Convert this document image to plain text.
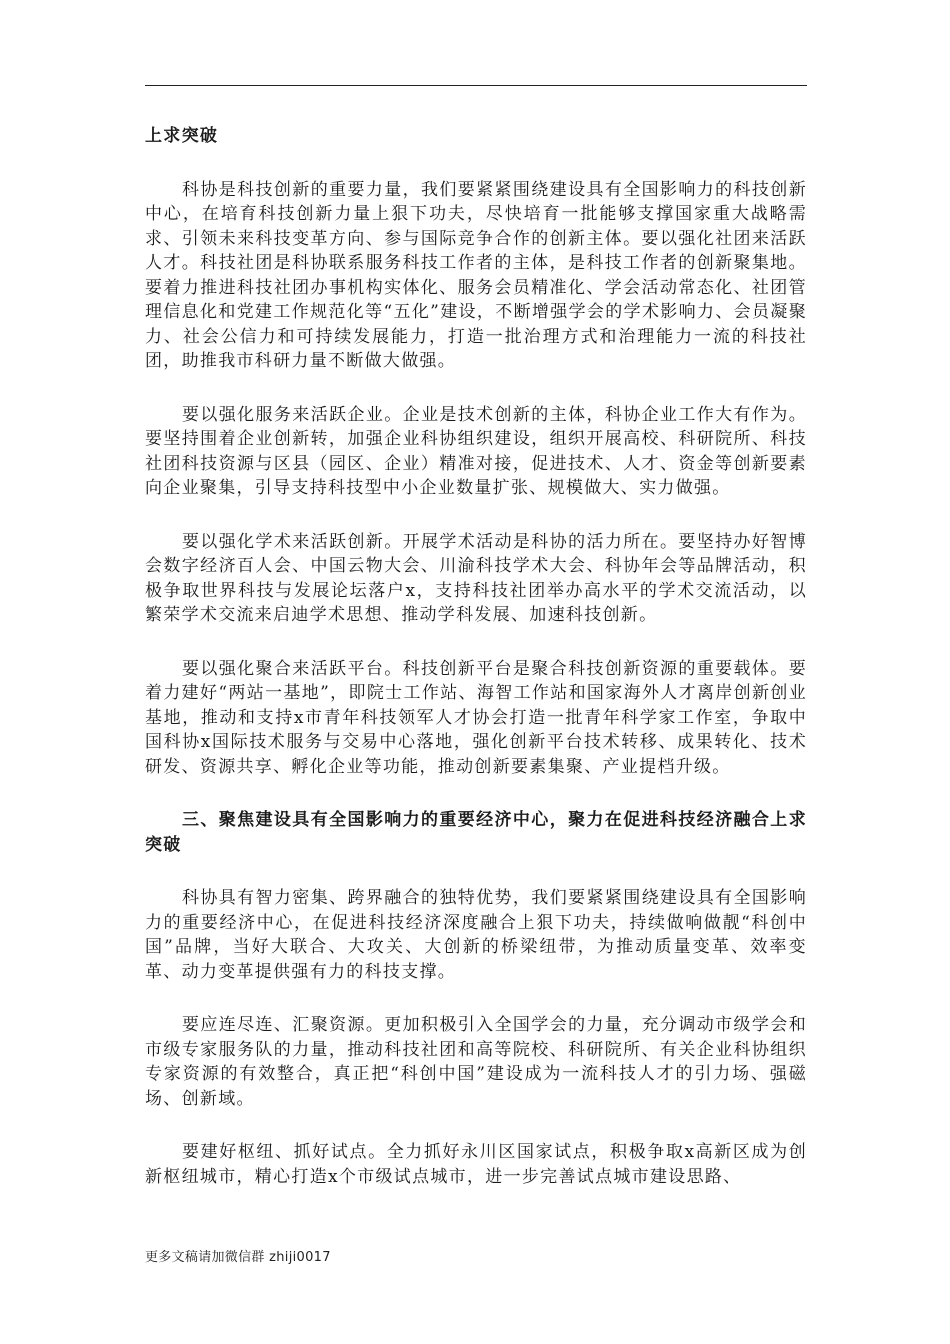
上求突破

科协是科技创新的重要力量，我们要紧紧围绕建设具有全国影响力的科技创新中心，在培育科技创新力量上狠下功夫，尽快培育一批能够支撑国家重大战略需求、引领未来科技变革方向、参与国际竞争合作的创新主体。要以强化社团来活跃人才。科技社团是科协联系服务科技工作者的主体，是科技工作者的创新聚集地。要着力推进科技社团办事机构实体化、服务会员精准化、学会活动常态化、社团管理信息化和党建工作规范化等“五化”建设，不断增强学会的学术影响力、会员凝聚力、社会公信力和可持续发展能力，打造一批治理方式和治理能力一流的科技社团，助推我市科研力量不断做大做强。

要以强化服务来活跃企业。企业是技术创新的主体，科协企业工作大有作为。要坚持围着企业创新转，加强企业科协组织建设，组织开展高校、科研院所、科技社团科技资源与区县（园区、企业）精准对接，促进技术、人才、资金等创新要素向企业聚集，引导支持科技型中小企业数量扩张、规模做大、实力做强。

要以强化学术来活跃创新。开展学术活动是科协的活力所在。要坚持办好智博会数字经济百人会、中国云物大会、川渝科技学术大会、科协年会等品牌活动，积极争取世界科技与发展论坛落户x，支持科技社团举办高水平的学术交流活动，以繁荣学术交流来启迪学术思想、推动学科发展、加速科技创新。

要以强化聚合来活跃平台。科技创新平台是聚合科技创新资源的重要载体。要着力建好“两站一基地”，即院士工作站、海智工作站和国家海外人才离岸创新创业基地，推动和支持x市青年科技领军人才协会打造一批青年科学家工作室，争取中国科协x国际技术服务与交易中心落地，强化创新平台技术转移、成果转化、技术研发、资源共享、孵化企业等功能，推动创新要素集聚、产业提档升级。

三、聚焦建设具有全国影响力的重要经济中心，聚力在促进科技经济融合上求突破

科协具有智力密集、跨界融合的独特优势，我们要紧紧围绕建设具有全国影响力的重要经济中心，在促进科技经济深度融合上狠下功夫，持续做响做靓“科创中国”品牌，当好大联合、大攻关、大创新的桥梁纽带，为推动质量变革、效率变革、动力变革提供强有力的科技支撑。

要应连尽连、汇聚资源。更加积极引入全国学会的力量，充分调动市级学会和市级专家服务队的力量，推动科技社团和高等院校、科研院所、有关企业科协组织专家资源的有效整合，真正把“科创中国”建设成为一流科技人才的引力场、强磁场、创新域。

要建好枢纽、抓好试点。全力抓好永川区国家试点，积极争取x高新区成为创新枢纽城市，精心打造x个市级试点城市，进一步完善试点城市建设思路、

更多文稿请加微信群 zhiji0017
